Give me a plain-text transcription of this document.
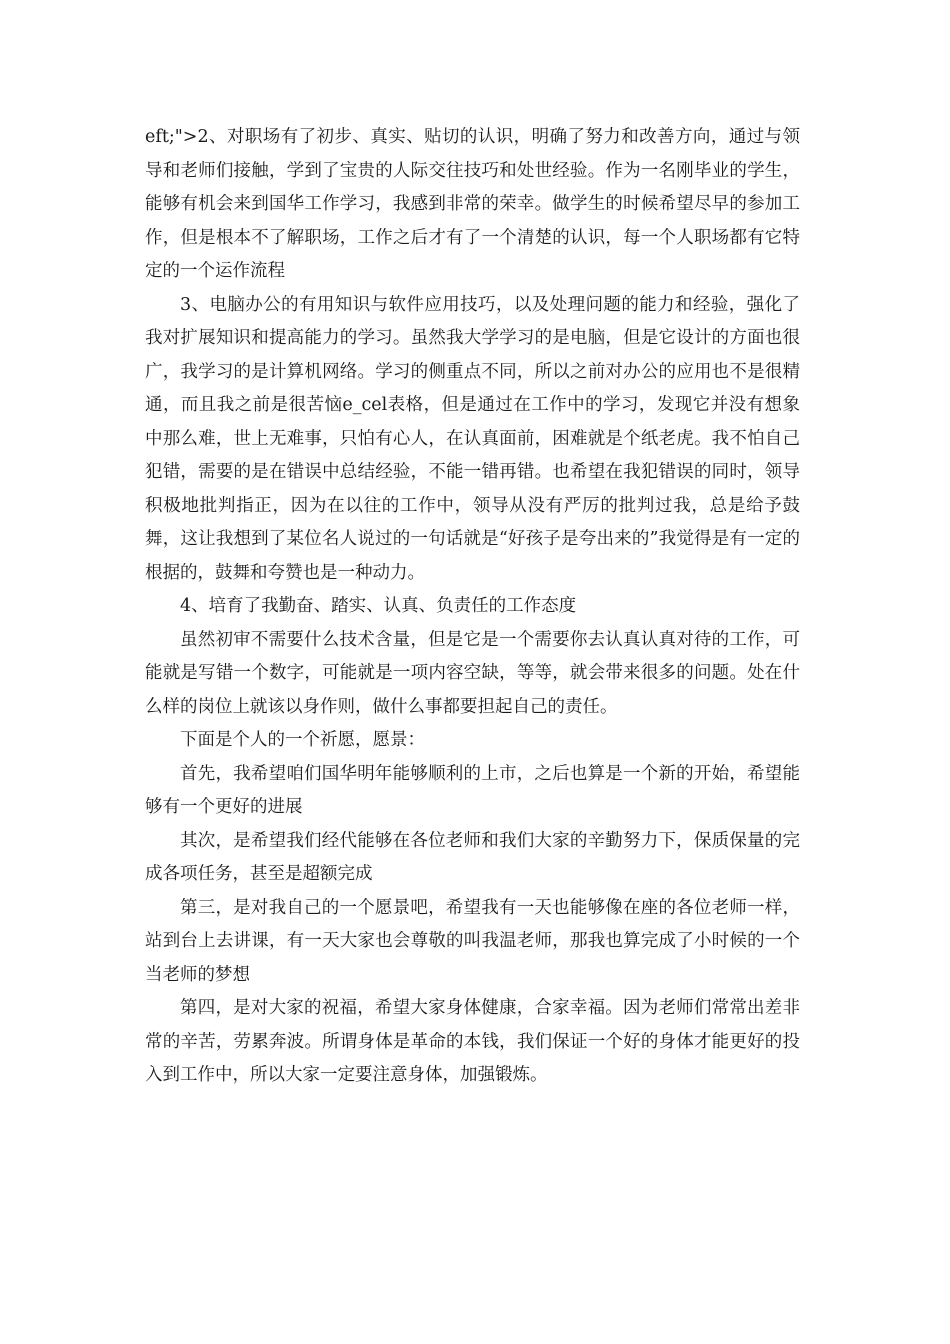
eft;">2、对职场有了初步、真实、贴切的认识，明确了努力和改善方向，通过与领导和老师们接触，学到了宝贵的人际交往技巧和处世经验。作为一名刚毕业的学生，能够有机会来到国华工作学习，我感到非常的荣幸。做学生的时候希望尽早的参加工作，但是根本不了解职场，工作之后才有了一个清楚的认识，每一个人职场都有它特定的一个运作流程

3、电脑办公的有用知识与软件应用技巧，以及处理问题的能力和经验，强化了我对扩展知识和提高能力的学习。虽然我大学学习的是电脑，但是它设计的方面也很广，我学习的是计算机网络。学习的侧重点不同，所以之前对办公的应用也不是很精通，而且我之前是很苦恼e_cel表格，但是通过在工作中的学习，发现它并没有想象中那么难，世上无难事，只怕有心人，在认真面前，困难就是个纸老虎。我不怕自己犯错，需要的是在错误中总结经验，不能一错再错。也希望在我犯错误的同时，领导积极地批判指正，因为在以往的工作中，领导从没有严厉的批判过我，总是给予鼓舞，这让我想到了某位名人说过的一句话就是“好孩子是夸出来的”我觉得是有一定的根据的，鼓舞和夸赞也是一种动力。

4、培育了我勤奋、踏实、认真、负责任的工作态度

虽然初审不需要什么技术含量，但是它是一个需要你去认真认真对待的工作，可能就是写错一个数字，可能就是一项内容空缺，等等，就会带来很多的问题。处在什么样的岗位上就该以身作则，做什么事都要担起自己的责任。

下面是个人的一个祈愿，愿景：

首先，我希望咱们国华明年能够顺利的上市，之后也算是一个新的开始，希望能够有一个更好的进展

其次，是希望我们经代能够在各位老师和我们大家的辛勤努力下，保质保量的完成各项任务，甚至是超额完成

第三，是对我自己的一个愿景吧，希望我有一天也能够像在座的各位老师一样，站到台上去讲课，有一天大家也会尊敬的叫我温老师，那我也算完成了小时候的一个当老师的梦想

第四，是对大家的祝福，希望大家身体健康，合家幸福。因为老师们常常出差非常的辛苦，劳累奔波。所谓身体是革命的本钱，我们保证一个好的身体才能更好的投入到工作中，所以大家一定要注意身体，加强锻炼。
